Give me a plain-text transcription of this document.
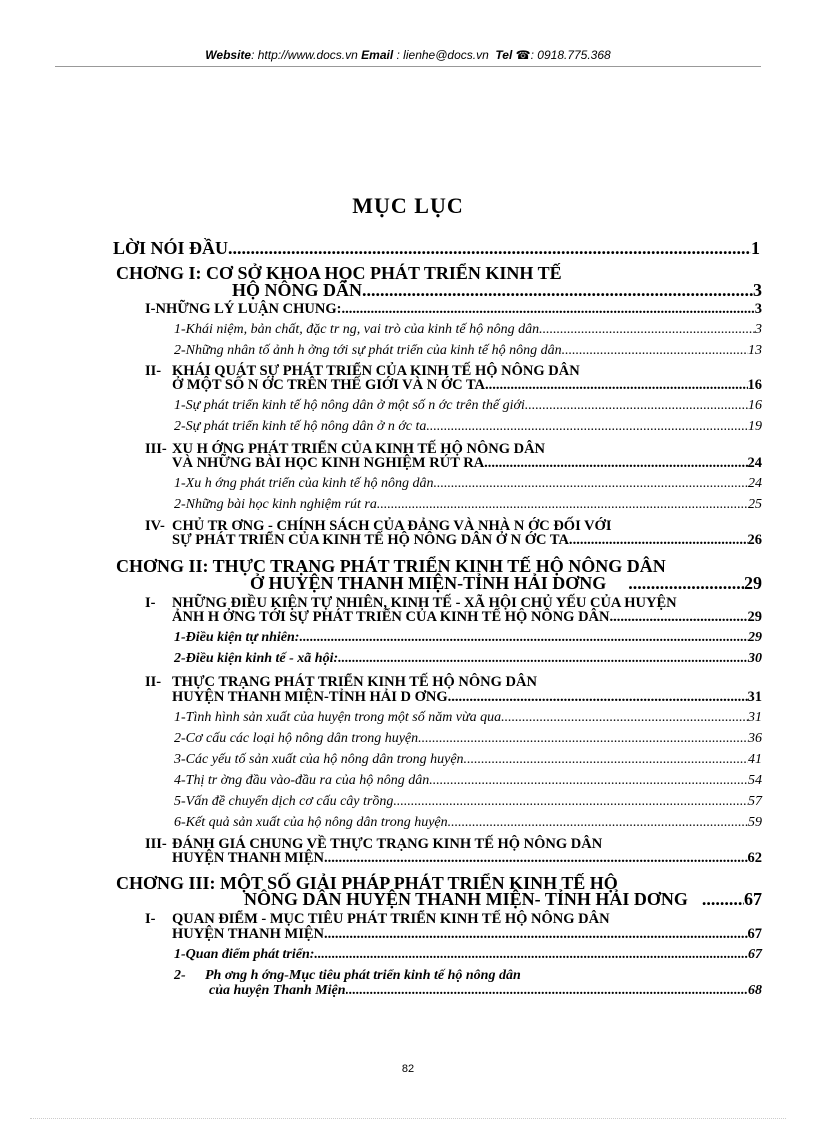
Website: http://www.docs.vn Email : lienhe@docs.vn Tel ☎: 0918.775.368
MỤC LỤC
LỜI NÓI ĐẦU .....	1
CHƠNG I: CƠ SỞ KHOA HỌC PHÁT TRIỂN KINH TẾ
HỘ NÔNG DÂN .....	3
I- NHỮNG LÝ LUẬN CHUNG: .....	3
1- Khái niệm, bản chất, đặc tr ng, vai trò của kinh tế hộ nông dân. .....	3
2- Những nhân tố ảnh h ởng tới sự phát triển của kinh tế hộ nông dân. .....	13
II- KHÁI QUÁT SỰ PHÁT TRIỂN CỦA KINH TẾ HỘ NÔNG DÂN
Ở MỘT SỐ N ỚC TRÊN THẾ GIỚI VÀ N ỚC TA. .....	16
1- Sự phát triển kinh tế hộ nông dân ở một số n ớc trên thế giới. .....	16
2- Sự phát triển kinh tế hộ nông dân ở n ớc ta. .....	19
III- XU H ỚNG PHÁT TRIỂN CỦA KINH TẾ HỘ NÔNG DÂN
VÀ NHỮNG BÀI HỌC KINH NGHIỆM RÚT RA. .....	24
1- Xu h ớng phát triển của kinh tế hộ nông dân. .....	24
2- Những bài học kinh nghiệm rút ra. .....	25
IV- CHỦ TR ƠNG - CHÍNH SÁCH CỦA ĐẢNG VÀ NHÀ N ỚC ĐỐI VỚI
SỰ PHÁT TRIỂN CỦA KINH TẾ HỘ NÔNG DÂN Ở N ỚC TA. .....	26
CHƠNG II: THỰC TRẠNG PHÁT TRIỂN KINH TẾ HỘ NÔNG DÂN
Ở HUYỆN THANH MIỆN-TỈNH HẢI DƠNG .....	29
I- NHỮNG ĐIỀU KIỆN TỰ NHIÊN, KINH TẾ - XÃ HỘI CHỦ YẾU CỦA HUYỆN
ẢNH H ỞNG TỚI SỰ PHÁT TRIỂN CỦA KINH TẾ HỘ NÔNG DÂN. .....	29
1- Điều kiện tự nhiên: .....	29
2- Điều kiện kinh tế - xã hội: .....	30
II- THỰC TRẠNG PHÁT TRIỂN KINH TẾ HỘ NÔNG DÂN
HUYỆN THANH MIỆN-TỈNH HẢI D ƠNG .....	31
1- Tình hình sản xuất của huyện trong một số năm vừa qua. .....	31
2- Cơ cấu các loại hộ nông dân trong huyện. .....	36
3- Các yếu tố sản xuất của hộ nông dân trong huyện. .....	41
4- Thị tr ờng đầu vào-đầu ra của hộ nông dân. .....	54
5- Vấn đề chuyển dịch cơ cấu cây trồng. .....	57
6- Kết quả sản xuất của hộ nông dân trong huyện. .....	59
III- ĐÁNH GIÁ CHUNG VỀ THỰC TRẠNG KINH TẾ HỘ NÔNG DÂN
HUYỆN THANH MIỆN. .....	62
CHƠNG III: MỘT SỐ GIẢI PHÁP PHÁT TRIỂN KINH TẾ HỘ
NÔNG DÂN HUYỆN THANH MIỆN- TỈNH HẢI DƠNG .....	67
I- QUAN ĐIỂM - MỤC TIÊU PHÁT TRIỂN KINH TẾ HỘ NÔNG DÂN
HUYỆN THANH MIỆN. .....	67
1- Quan điểm phát triển: .....	67
2- Ph ơng h ớng-Mục tiêu phát triển kinh tế hộ nông dân
của huyện Thanh Miện .....	68
82
